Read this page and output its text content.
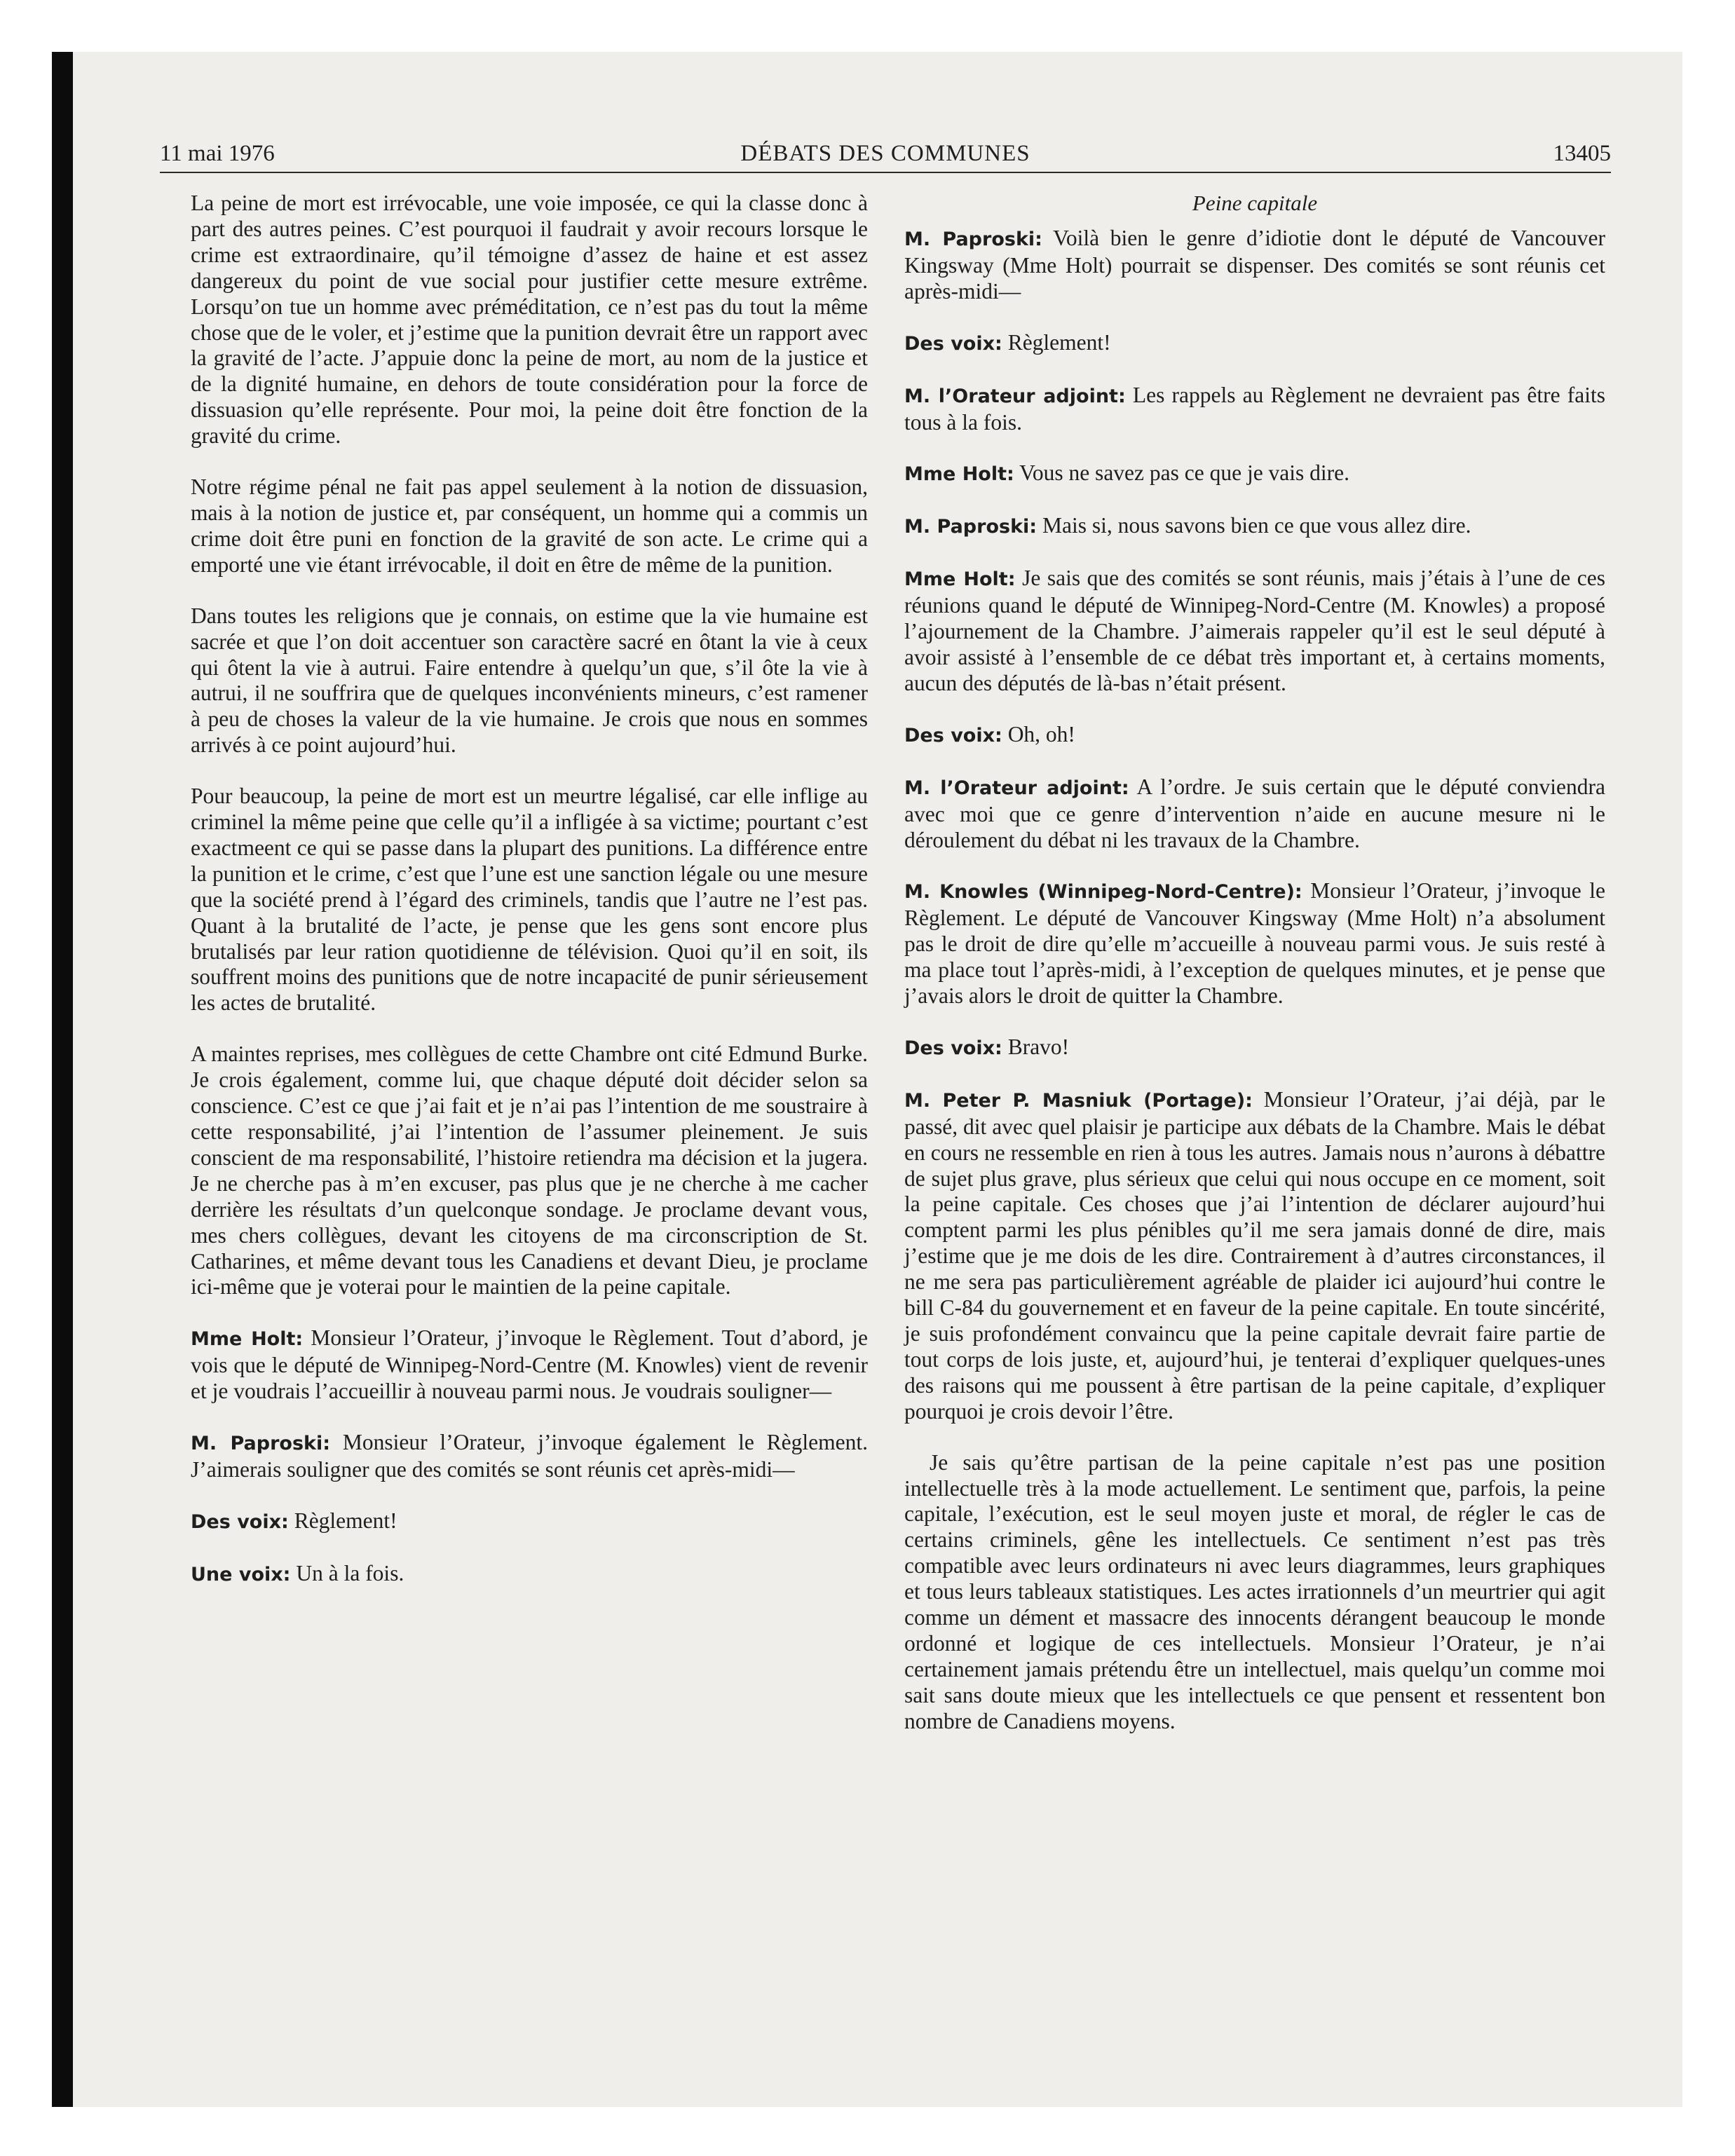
11 mai 1976	DÉBATS DES COMMUNES	13405

La peine de mort est irrévocable, une voie imposée, ce qui la classe donc à part des autres peines. C’est pourquoi il faudrait y avoir recours lorsque le crime est extraordinaire, qu’il témoigne d’assez de haine et est assez dangereux du point de vue social pour justifier cette mesure extrême. Lorsqu’on tue un homme avec préméditation, ce n’est pas du tout la même chose que de le voler, et j’estime que la punition devrait être un rapport avec la gravité de l’acte. J’appuie donc la peine de mort, au nom de la justice et de la dignité humaine, en dehors de toute considération pour la force de dissuasion qu’elle représente. Pour moi, la peine doit être fonction de la gravité du crime.

Notre régime pénal ne fait pas appel seulement à la notion de dissuasion, mais à la notion de justice et, par conséquent, un homme qui a commis un crime doit être puni en fonction de la gravité de son acte. Le crime qui a emporté une vie étant irrévocable, il doit en être de même de la punition.

Dans toutes les religions que je connais, on estime que la vie humaine est sacrée et que l’on doit accentuer son caractère sacré en ôtant la vie à ceux qui ôtent la vie à autrui. Faire entendre à quelqu’un que, s’il ôte la vie à autrui, il ne souffrira que de quelques inconvénients mineurs, c’est ramener à peu de choses la valeur de la vie humaine. Je crois que nous en sommes arrivés à ce point aujourd’hui.

Pour beaucoup, la peine de mort est un meurtre légalisé, car elle inflige au criminel la même peine que celle qu’il a infligée à sa victime; pourtant c’est exactmeent ce qui se passe dans la plupart des punitions. La différence entre la punition et le crime, c’est que l’une est une sanction légale ou une mesure que la société prend à l’égard des criminels, tandis que l’autre ne l’est pas. Quant à la brutalité de l’acte, je pense que les gens sont encore plus brutalisés par leur ration quotidienne de télévision. Quoi qu’il en soit, ils souffrent moins des punitions que de notre incapacité de punir sérieusement les actes de brutalité.

A maintes reprises, mes collègues de cette Chambre ont cité Edmund Burke. Je crois également, comme lui, que chaque député doit décider selon sa conscience. C’est ce que j’ai fait et je n’ai pas l’intention de me soustraire à cette responsabilité, j’ai l’intention de l’assumer pleinement. Je suis conscient de ma responsabilité, l’histoire retiendra ma décision et la jugera. Je ne cherche pas à m’en excuser, pas plus que je ne cherche à me cacher derrière les résultats d’un quelconque sondage. Je proclame devant vous, mes chers collègues, devant les citoyens de ma circonscription de St. Catharines, et même devant tous les Canadiens et devant Dieu, je proclame ici-même que je voterai pour le maintien de la peine capitale.

Mme Holt: Monsieur l’Orateur, j’invoque le Règlement. Tout d’abord, je vois que le député de Winnipeg-Nord-Centre (M. Knowles) vient de revenir et je voudrais l’accueillir à nouveau parmi nous. Je voudrais souligner—

M. Paproski: Monsieur l’Orateur, j’invoque également le Règlement. J’aimerais souligner que des comités se sont réunis cet après-midi—

Des voix: Règlement!

Une voix: Un à la fois.

Peine capitale

M. Paproski: Voilà bien le genre d’idiotie dont le député de Vancouver Kingsway (Mme Holt) pourrait se dispenser. Des comités se sont réunis cet après-midi—

Des voix: Règlement!

M. l’Orateur adjoint: Les rappels au Règlement ne devraient pas être faits tous à la fois.

Mme Holt: Vous ne savez pas ce que je vais dire.

M. Paproski: Mais si, nous savons bien ce que vous allez dire.

Mme Holt: Je sais que des comités se sont réunis, mais j’étais à l’une de ces réunions quand le député de Winnipeg-Nord-Centre (M. Knowles) a proposé l’ajournement de la Chambre. J’aimerais rappeler qu’il est le seul député à avoir assisté à l’ensemble de ce débat très important et, à certains moments, aucun des députés de là-bas n’était présent.

Des voix: Oh, oh!

M. l’Orateur adjoint: A l’ordre. Je suis certain que le député conviendra avec moi que ce genre d’intervention n’aide en aucune mesure ni le déroulement du débat ni les travaux de la Chambre.

M. Knowles (Winnipeg-Nord-Centre): Monsieur l’Orateur, j’invoque le Règlement. Le député de Vancouver Kingsway (Mme Holt) n’a absolument pas le droit de dire qu’elle m’accueille à nouveau parmi vous. Je suis resté à ma place tout l’après-midi, à l’exception de quelques minutes, et je pense que j’avais alors le droit de quitter la Chambre.

Des voix: Bravo!

M. Peter P. Masniuk (Portage): Monsieur l’Orateur, j’ai déjà, par le passé, dit avec quel plaisir je participe aux débats de la Chambre. Mais le débat en cours ne ressemble en rien à tous les autres. Jamais nous n’aurons à débattre de sujet plus grave, plus sérieux que celui qui nous occupe en ce moment, soit la peine capitale. Ces choses que j’ai l’intention de déclarer aujourd’hui comptent parmi les plus pénibles qu’il me sera jamais donné de dire, mais j’estime que je me dois de les dire. Contrairement à d’autres circonstances, il ne me sera pas particulièrement agréable de plaider ici aujourd’hui contre le bill C-84 du gouvernement et en faveur de la peine capitale. En toute sincérité, je suis profondément convaincu que la peine capitale devrait faire partie de tout corps de lois juste, et, aujourd’hui, je tenterai d’expliquer quelques-unes des raisons qui me poussent à être partisan de la peine capitale, d’expliquer pourquoi je crois devoir l’être.

Je sais qu’être partisan de la peine capitale n’est pas une position intellectuelle très à la mode actuellement. Le sentiment que, parfois, la peine capitale, l’exécution, est le seul moyen juste et moral, de régler le cas de certains criminels, gêne les intellectuels. Ce sentiment n’est pas très compatible avec leurs ordinateurs ni avec leurs diagrammes, leurs graphiques et tous leurs tableaux statistiques. Les actes irrationnels d’un meurtrier qui agit comme un dément et massacre des innocents dérangent beaucoup le monde ordonné et logique de ces intellectuels. Monsieur l’Orateur, je n’ai certainement jamais prétendu être un intellectuel, mais quelqu’un comme moi sait sans doute mieux que les intellectuels ce que pensent et ressentent bon nombre de Canadiens moyens.
